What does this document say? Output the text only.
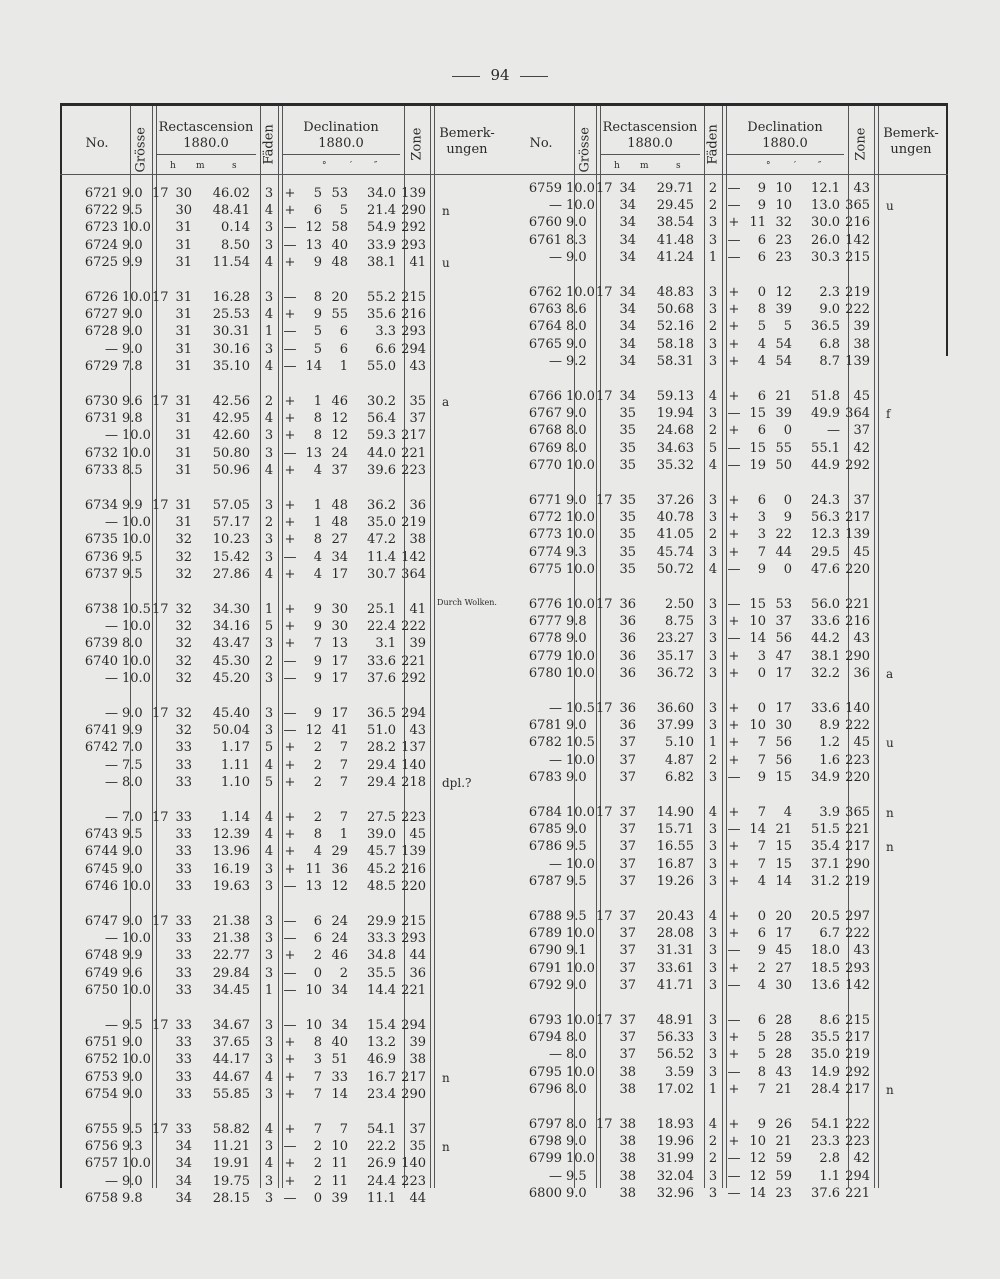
94
No.	Grösse Rectascension
1880.0
h m	s
Fäden	Declination
1880.0
°	′ ″
Zone	Bemerk-
ungen
6721 9.0 17 30	46.02	3 +	5 53	34.0 139
6722 9.5	30	48.41	4 +	6	5	21.4 290 n
6723 10.0	31	0.14	3 — 12 58	54.9 292
6724 9.0	31	8.50	3 — 13 40	33.9 293
6725 9.9	31	11.54	4 +	9 48	38.1	41 u
6726 10.0 17 31	16.28	3 —	8 20	55.2 215
6727 9.0	31	25.53	4 +	9 55	35.6 216
6728 9.0	31	30.31	1 —	5	6	3.3 293
— 9.0	31	30.16	3 —	5	6	6.6 294
6729 7.8	31	35.10	4 — 14	1	55.0	43
6730 9.6 17 31	42.56	2 +	1 46	30.2	35 a
6731 9.8	31	42.95	4 +	8 12	56.4	37
— 10.0	31	42.60	3 +	8 12	59.3 217
6732 10.0	31	50.80	3 — 13 24	44.0 221
6733 8.5	31	50.96	4 +	4 37	39.6 223
6734 9.9 17 31	57.05	3 +	1 48	36.2	36
— 10.0	31	57.17	2 +	1 48	35.0 219
6735 10.0	32	10.23	3 +	8 27	47.2	38
6736 9.5	32	15.42	3 —	4 34	11.4 142
6737 9.5	32	27.86	4 +	4 17	30.7 364
6738 10.5 17 32	34.30	1 +	9 30	25.1	41	Durch Wolken.
— 10.0	32	34.16	5 +	9 30	22.4 222
6739 8.0	32	43.47	3 +	7 13	3.1	39
6740 10.0	32	45.30	2 —	9 17	33.6 221
— 10.0	32	45.20	3 —	9 17	37.6 292
— 9.0 17 32	45.40	3 —	9 17	36.5 294
6741 9.9	32	50.04	3 — 12 41	51.0	43
6742 7.0	33	1.17	5 +	2	7	28.2 137
— 7.5	33	1.11	4 +	2	7	29.4 140
— 8.0	33	1.10	5 +	2	7	29.4 218 dpl.?
— 7.0 17 33	1.14	4 +	2	7	27.5 223
6743 9.5	33	12.39	4 +	8	1	39.0	45
6744 9.0	33	13.96	4 +	4 29	45.7 139
6745 9.0	33	16.19	3 + 11 36	45.2 216
6746 10.0	33	19.63	3 — 13 12	48.5 220
6747 9.0 17 33	21.38	3 —	6 24	29.9 215
— 10.0	33	21.38	3 —	6 24	33.3 293
6748 9.9	33	22.77	3 +	2 46	34.8	44
6749 9.6	33	29.84	3 —	0	2	35.5	36
6750 10.0	33	34.45	1 — 10 34	14.4 221
— 9.5 17 33	34.67	3 — 10 34	15.4 294
6751 9.0	33	37.65	3 +	8 40	13.2	39
6752 10.0	33	44.17	3 +	3 51	46.9	38
6753 9.0	33	44.67	4 +	7 33	16.7 217 n
6754 9.0	33	55.85	3 +	7 14	23.4 290
6755 9.5 17 33	58.82	4 +	7	7	54.1	37
6756 9.3	34	11.21	3 —	2 10	22.2	35 n
6757 10.0	34	19.91	4 +	2 11	26.9 140
— 9.0	34	19.75	3 +	2 11	24.4 223
6758 9.8	34	28.15	3 —	0 39	11.1	44
No.	Grösse Rectascension
1880.0
h m	s
Fäden	Declination
1880.0
°	′ ″
Zone	Bemerk-
ungen
6759 10.0 17 34	29.71	2 —	9 10	12.1	43
— 10.0	34	29.45	2 —	9 10	13.0 365 u
6760 9.0	34	38.54	3 + 11 32	30.0 216
6761 8.3	34	41.48	3 —	6 23	26.0 142
— 9.0	34	41.24	1 —	6 23	30.3 215
6762 10.0 17 34	48.83	3 +	0 12	2.3 219
6763 8.6	34	50.68	3 +	8 39	9.0 222
6764 8.0	34	52.16	2 +	5	5	36.5	39
6765 9.0	34	58.18	3 +	4 54	6.8	38
— 9.2	34	58.31	3 +	4 54	8.7 139
6766 10.0 17 34	59.13	4 +	6 21	51.8	45
6767 9.0	35	19.94	3 — 15 39	49.9 364 f
6768 8.0	35	24.68	2 +	6	0	—	37
6769 8.0	35	34.63	5 — 15 55	55.1	42
6770 10.0	35	35.32	4 — 19 50	44.9 292
6771 9.0 17 35	37.26	3 +	6	0	24.3	37
6772 10.0	35	40.78	3 +	3	9	56.3 217
6773 10.0	35	41.05	2 +	3 22	12.3 139
6774 9.3	35	45.74	3 +	7 44	29.5	45
6775 10.0	35	50.72	4 —	9	0	47.6 220
6776 10.0 17 36	2.50	3 — 15 53	56.0 221
6777 9.8	36	8.75	3 + 10 37	33.6 216
6778 9.0	36	23.27	3 — 14 56	44.2	43
6779 10.0	36	35.17	3 +	3 47	38.1 290
6780 10.0	36	36.72	3 +	0 17	32.2	36 a
— 10.5 17 36	36.60	3 +	0 17	33.6 140
6781 9.0	36	37.99	3 + 10 30	8.9 222
6782 10.5	37	5.10	1 +	7 56	1.2	45 u
— 10.0	37	4.87	2 +	7 56	1.6 223
6783 9.0	37	6.82	3 —	9 15	34.9 220
6784 10.0 17 37	14.90	4 +	7	4	3.9 365 n
6785 9.0	37	15.71	3 — 14 21	51.5 221
6786 9.5	37	16.55	3 +	7 15	35.4 217 n
— 10.0	37	16.87	3 +	7 15	37.1 290
6787 9.5	37	19.26	3 +	4 14	31.2 219
6788 9.5 17 37	20.43	4 +	0 20	20.5 297
6789 10.0	37	28.08	3 +	6 17	6.7 222
6790 9.1	37	31.31	3 —	9 45	18.0	43
6791 10.0	37	33.61	3 +	2 27	18.5 293
6792 9.0	37	41.71	3 —	4 30	13.6 142
6793 10.0 17 37	48.91	3 —	6 28	8.6 215
6794 8.0	37	56.33	3 +	5 28	35.5 217
— 8.0	37	56.52	3 +	5 28	35.0 219
6795 10.0	38	3.59	3 —	8 43	14.9 292
6796 8.0	38	17.02	1 +	7 21	28.4 217 n
6797 8.0 17 38	18.93	4 +	9 26	54.1 222
6798 9.0	38	19.96	2 + 10 21	23.3 223
6799 10.0	38	31.99	2 — 12 59	2.8	42
— 9.5	38	32.04	3 — 12 59	1.1 294
6800 9.0	38	32.96	3 — 14 23	37.6 221
